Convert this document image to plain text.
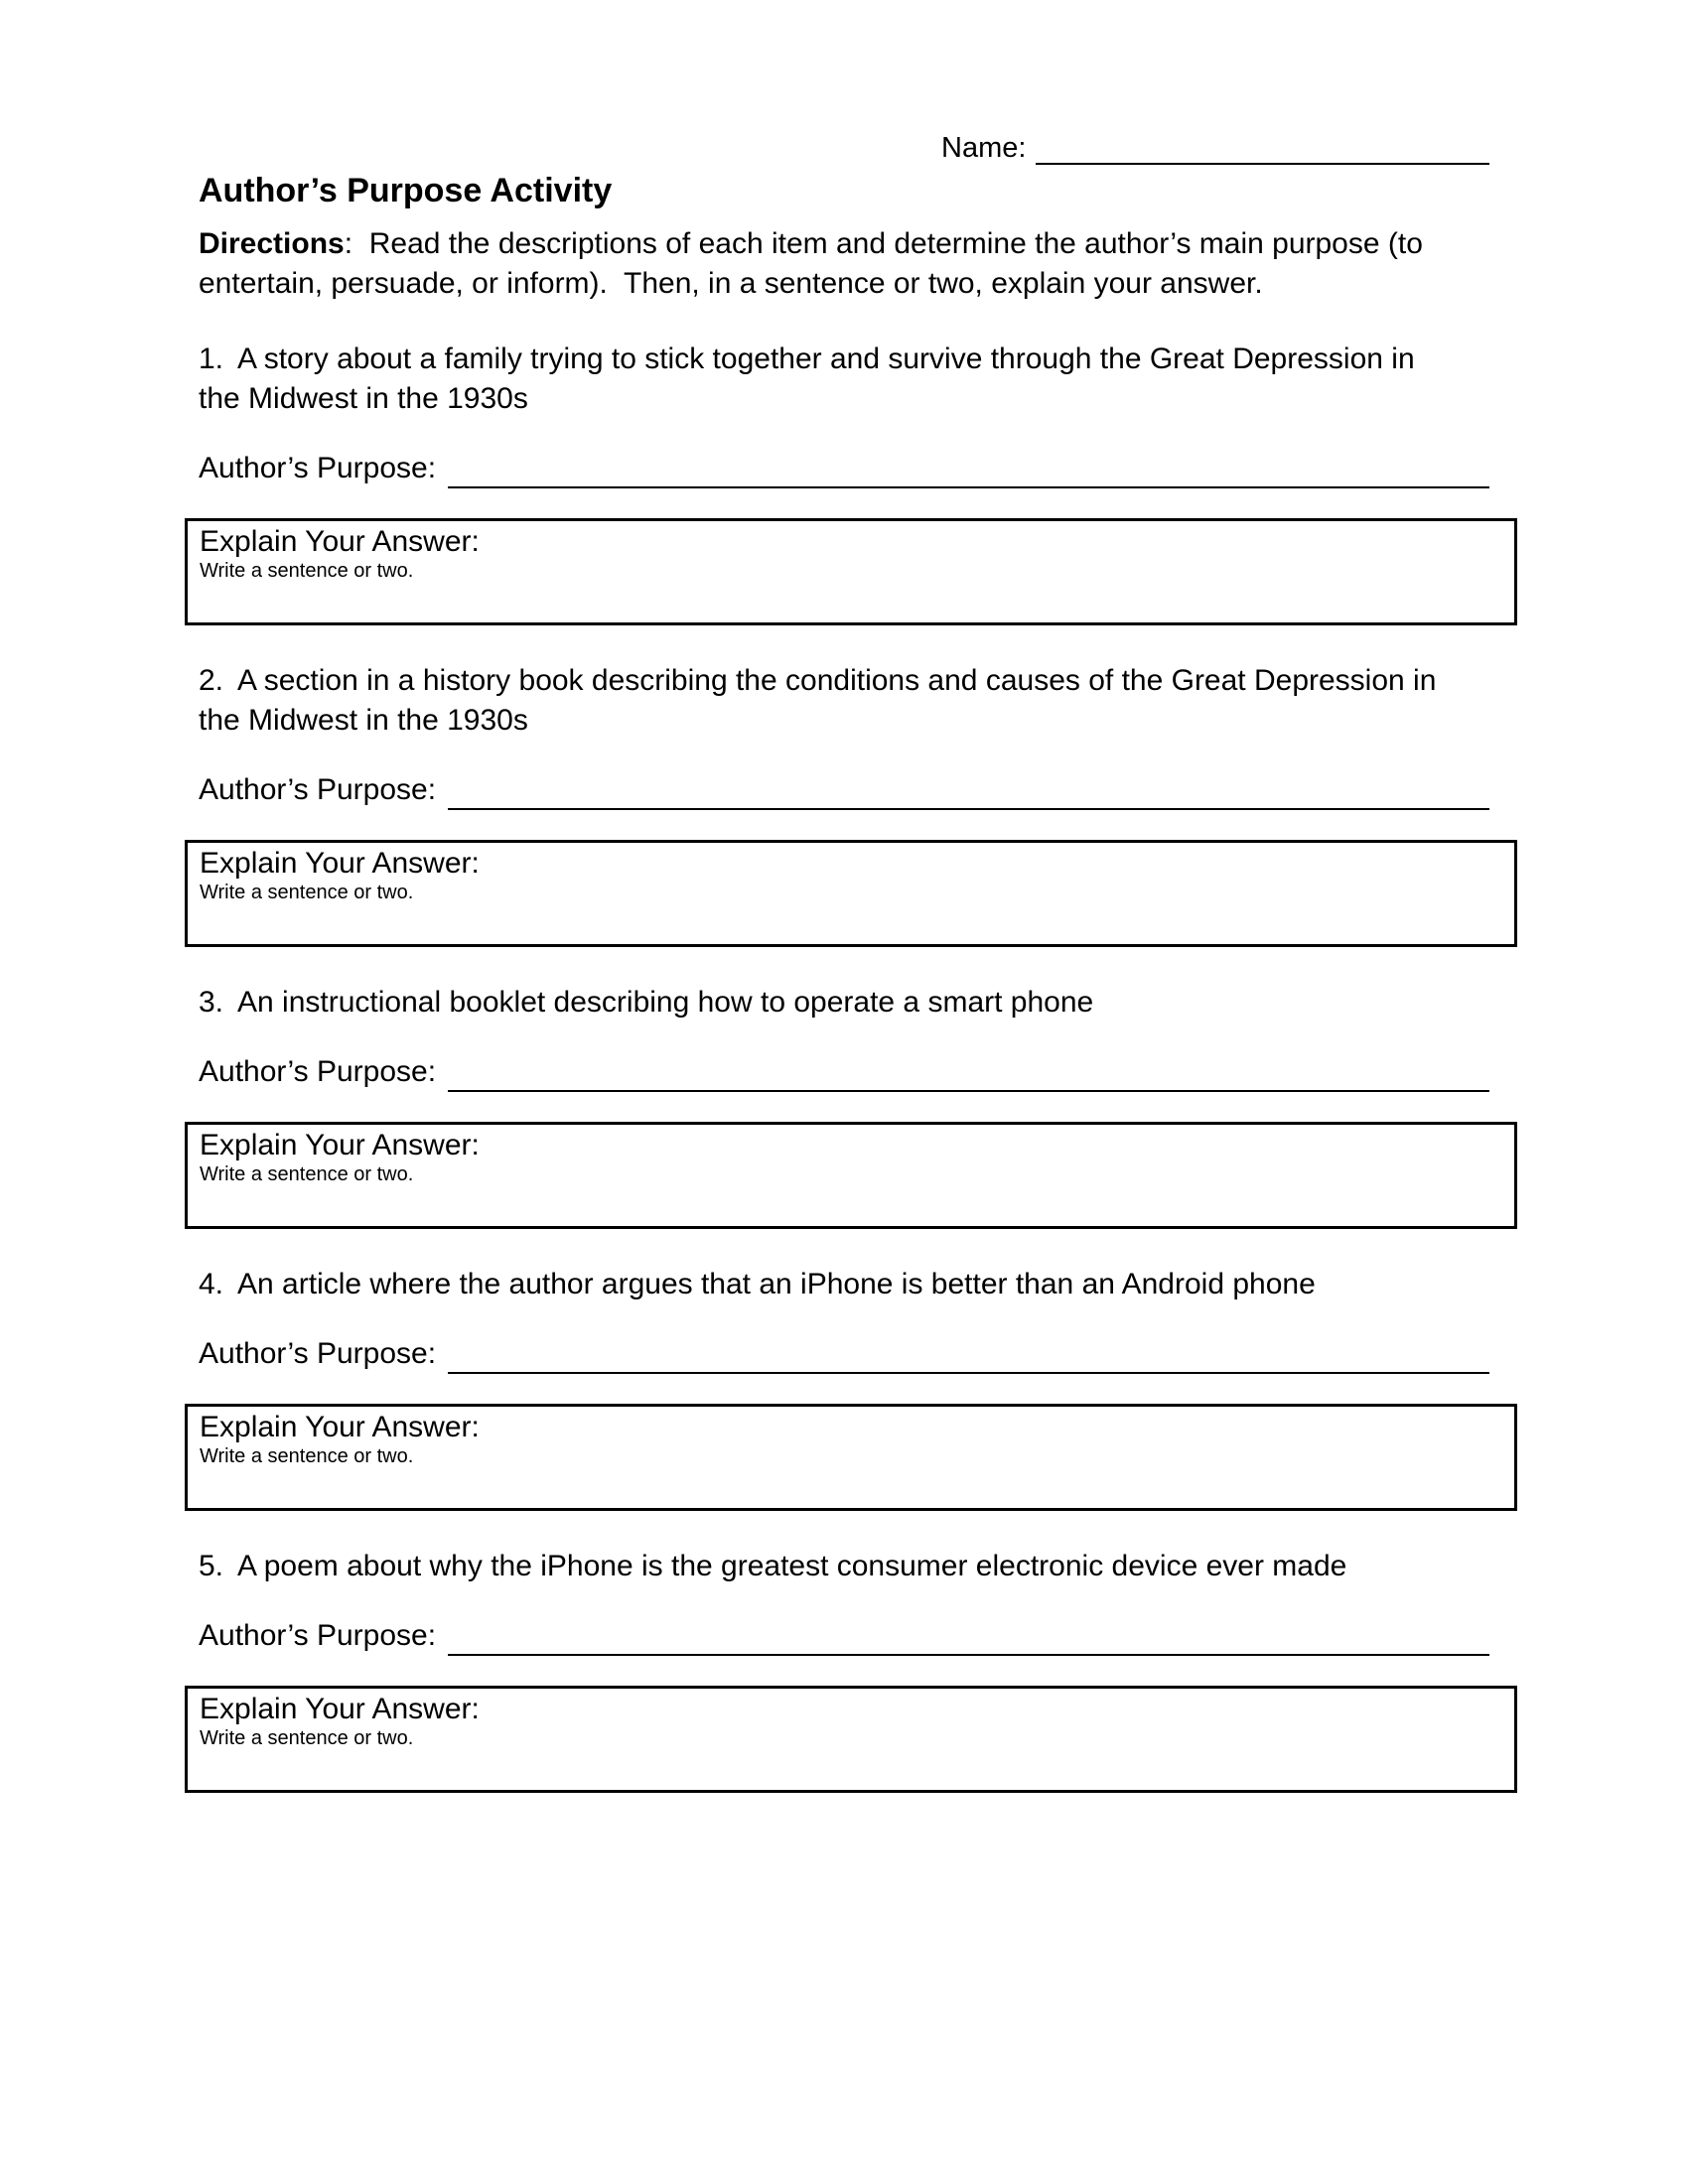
Name:
Author’s Purpose Activity

Directions:  Read the descriptions of each item and determine the author’s main purpose (to entertain, persuade, or inform).  Then, in a sentence or two, explain your answer.

1. A story about a family trying to stick together and survive through the Great Depression in the Midwest in the 1930s

Author’s Purpose:
Explain Your Answer:
Write a sentence or two.

2. A section in a history book describing the conditions and causes of the Great Depression in the Midwest in the 1930s

Author’s Purpose:
Explain Your Answer:
Write a sentence or two.

3. An instructional booklet describing how to operate a smart phone

Author’s Purpose:
Explain Your Answer:
Write a sentence or two.

4. An article where the author argues that an iPhone is better than an Android phone

Author’s Purpose:
Explain Your Answer:
Write a sentence or two.

5. A poem about why the iPhone is the greatest consumer electronic device ever made

Author’s Purpose:
Explain Your Answer:
Write a sentence or two.
